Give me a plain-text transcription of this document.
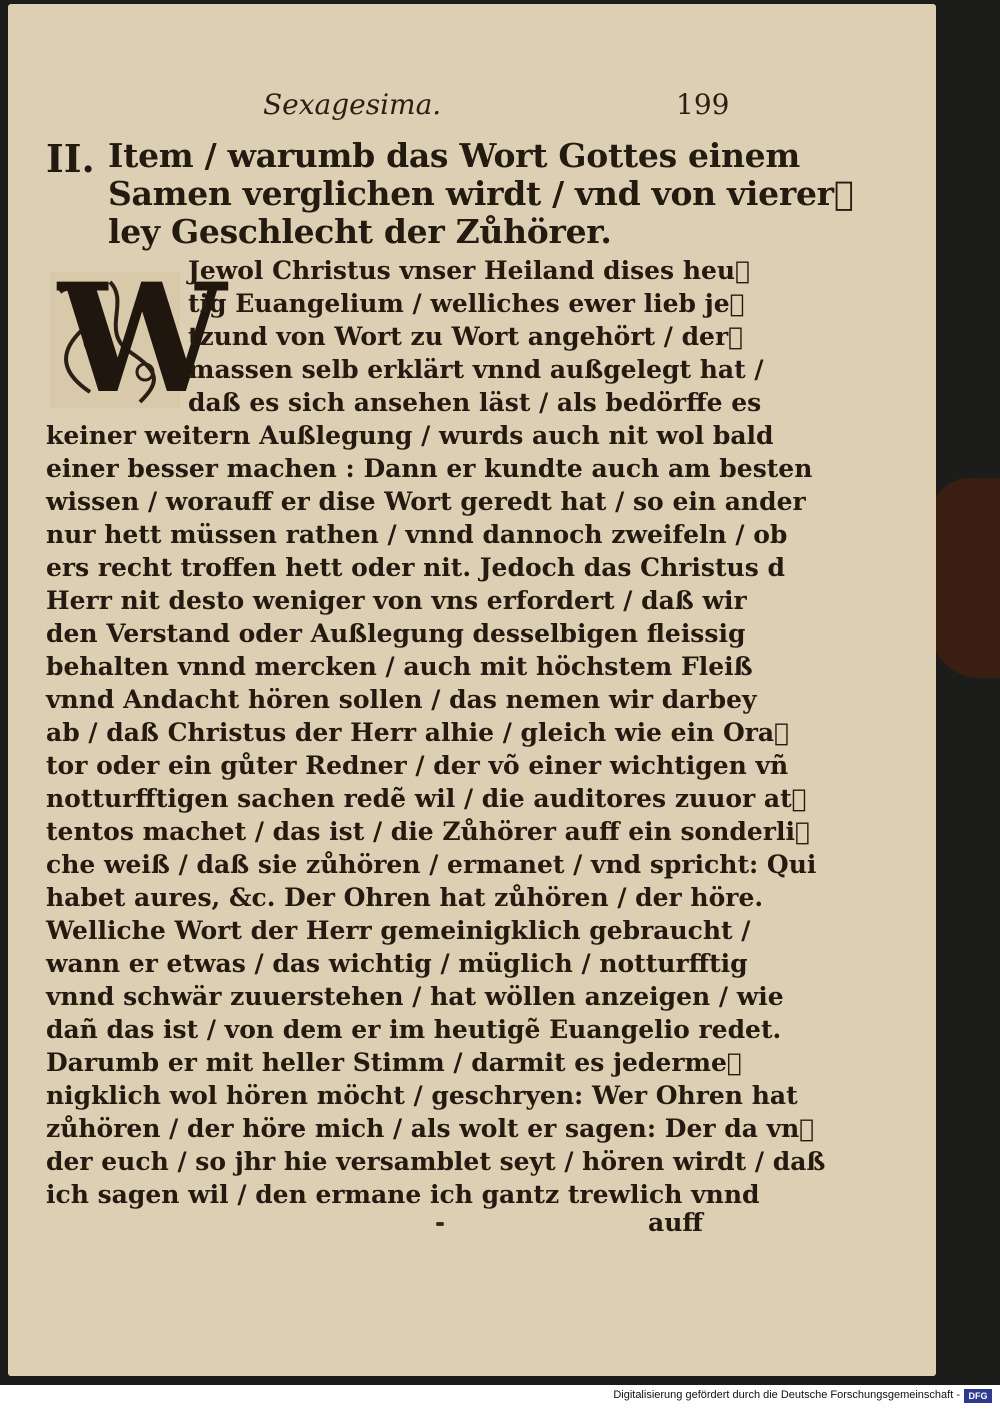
Sexagesima.	199
II. Item / warumb das Wort Gottes einem
Samen verglichen wirdt / vnd von viererٍ
ley Geschlecht der Zůhörer.
W
Jewol Christus vnser Heiland dises heuٍ
tig Euangelium / welliches ewer lieb jeٍ
tzund von Wort zu Wort angehört / derٍ
massen selb erklärt vnnd außgelegt hat /
daß es sich ansehen läst / als bedörffe es
keiner weitern Außlegung / wurds auch nit wol bald
einer besser machen : Dann er kundte auch am besten
wissen / worauff er dise Wort geredt hat / so ein ander
nur hett müssen rathen / vnnd dannoch zweifeln / ob
ers recht troffen hett oder nit. Jedoch das Christus d
Herr nit desto weniger von vns erfordert / daß wir
den Verstand oder Außlegung desselbigen fleissig
behalten vnnd mercken / auch mit höchstem Fleiß
vnnd Andacht hören sollen / das nemen wir darbey
ab / daß Christus der Herr alhie / gleich wie ein Oraٍ
tor oder ein gůter Redner / der võ einer wichtigen vñ
notturfftigen sachen redẽ wil / die auditores zuuor atٍ
tentos machet / das ist / die Zůhörer auff ein sonderliٍ
che weiß / daß sie zůhören / ermanet / vnd spricht: Qui
habet aures, &c. Der Ohren hat zůhören / der höre.
Welliche Wort der Herr gemeinigklich gebraucht /
wann er etwas / das wichtig / müglich / notturfftig
vnnd schwär zuuerstehen / hat wöllen anzeigen / wie
dañ das ist / von dem er im heutigẽ Euangelio redet.
Darumb er mit heller Stimm / darmit es jedermeٍ
nigklich wol hören möcht / geschryen: Wer Ohren hat
zůhören / der höre mich / als wolt er sagen: Der da vnٍ
der euch / so jhr hie versamblet seyt / hören wirdt / daß
ich sagen wil / den ermane ich gantz trewlich vnnd
auff
Digitalisierung gefördert durch die Deutsche Forschungsgemeinschaft - DFG
